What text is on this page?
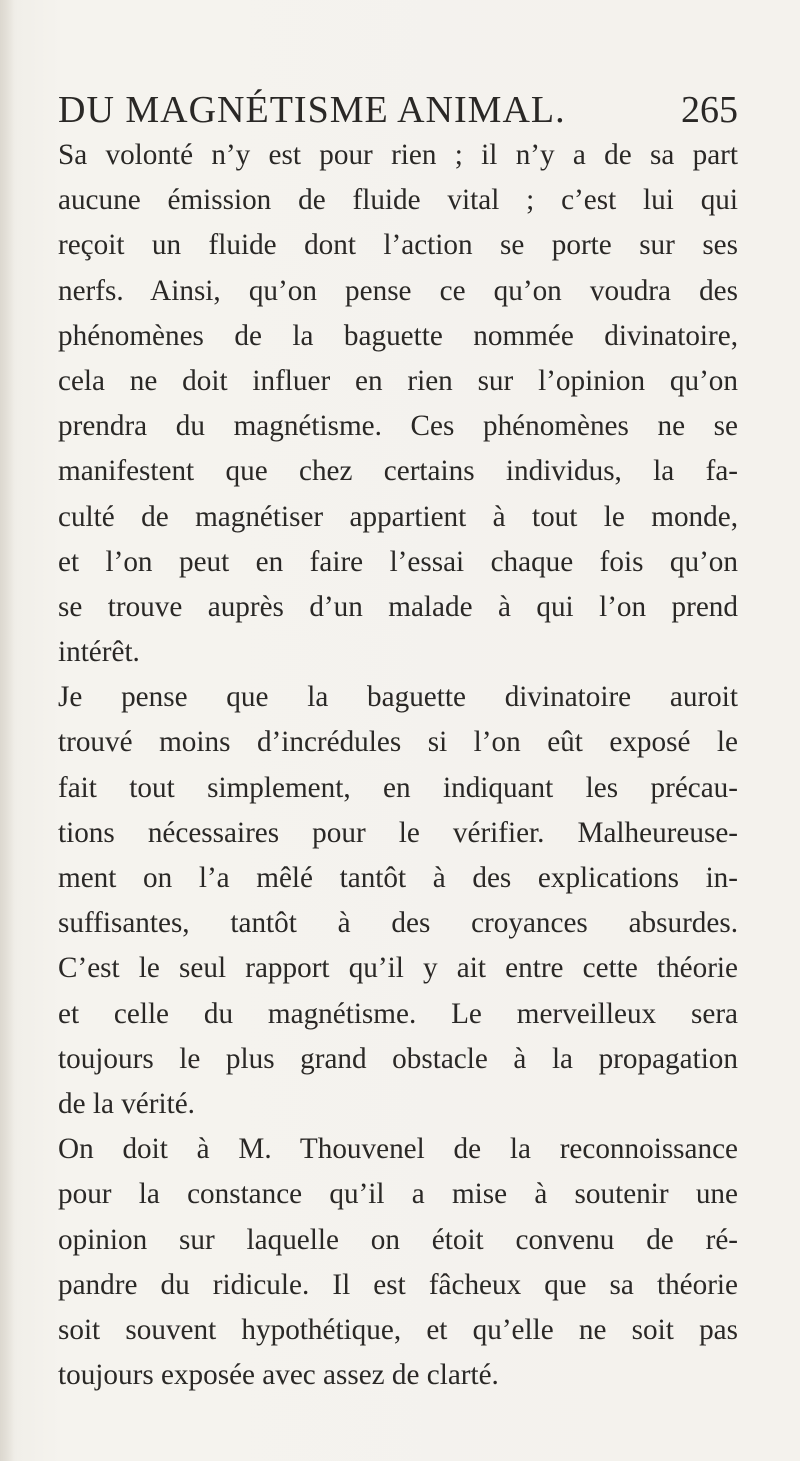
DU MAGNÉTISME ANIMAL.	265
Sa volonté n’y est pour rien ; il n’y a de sa part
aucune émission de fluide vital ; c’est lui qui
reçoit un fluide dont l’action se porte sur ses
nerfs. Ainsi, qu’on pense ce qu’on voudra des
phénomènes de la baguette nommée divinatoire,
cela ne doit influer en rien sur l’opinion qu’on
prendra du magnétisme. Ces phénomènes ne se
manifestent que chez certains individus, la fa-
culté de magnétiser appartient à tout le monde,
et l’on peut en faire l’essai chaque fois qu’on
se trouve auprès d’un malade à qui l’on prend
intérêt.
Je pense que la baguette divinatoire auroit
trouvé moins d’incrédules si l’on eût exposé le
fait tout simplement, en indiquant les précau-
tions nécessaires pour le vérifier. Malheureuse-
ment on l’a mêlé tantôt à des explications in-
suffisantes, tantôt à des croyances absurdes.
C’est le seul rapport qu’il y ait entre cette théorie
et celle du magnétisme. Le merveilleux sera
toujours le plus grand obstacle à la propagation
de la vérité.
On doit à M. Thouvenel de la reconnoissance
pour la constance qu’il a mise à soutenir une
opinion sur laquelle on étoit convenu de ré-
pandre du ridicule. Il est fâcheux que sa théorie
soit souvent hypothétique, et qu’elle ne soit pas
toujours exposée avec assez de clarté.
